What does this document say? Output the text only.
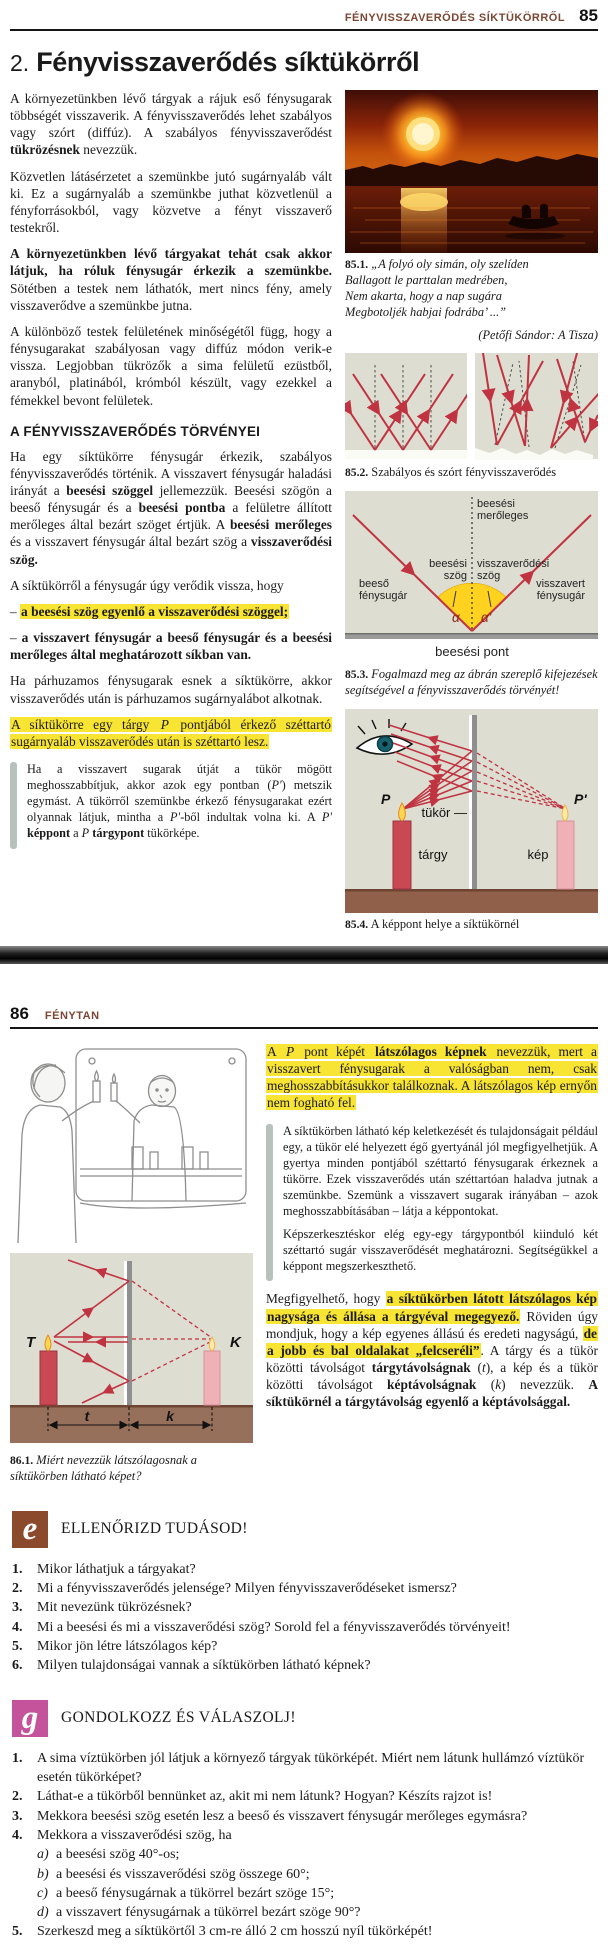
FÉNYVISSZAVERŐDÉS SÍKTÜKÖRRŐL 85
2. Fényvisszaverődés síktükörről

A környezetünkben lévő tárgyak a rájuk eső fénysugarak többségét visszaverik. A fényvisszaverődés lehet szabályos vagy szórt (diffúz). A szabályos fényvisszaverődést tükrözésnek nevezzük.

Közvetlen látásérzetet a szemünkbe jutó sugárnyaláb vált ki. Ez a sugárnyaláb a szemünkbe juthat közvetlenül a fényforrásokból, vagy közvetve a fényt visszaverő testekről.

A környezetünkben lévő tárgyakat tehát csak akkor látjuk, ha róluk fénysugár érkezik a szemünkbe. Sötétben a testek nem láthatók, mert nincs fény, amely visszaverődve a szemünkbe jutna.

A különböző testek felületének minőségétől függ, hogy a fénysugarakat szabályosan vagy diffúz módon verik-e vissza. Legjobban tükrözők a sima felületű ezüstből, aranyból, platinából, krómból készült, vagy ezekkel a fémekkel bevont felületek.

A FÉNYVISSZAVERŐDÉS TÖRVÉNYEI

Ha egy síktükörre fénysugár érkezik, szabályos fényvisszaverődés történik. A visszavert fénysugár haladási irányát a beesési szöggel jellemezzük. Beesési szögön a beeső fénysugár és a beesési pontba a felületre állított merőleges által bezárt szöget értjük. A beesési merőleges és a visszavert fénysugár által bezárt szög a visszaverődési szög.

A síktükörről a fénysugár úgy verődik vissza, hogy

– a beesési szög egyenlő a visszaverődési szöggel;

– a visszavert fénysugár a beeső fénysugár és a beesési merőleges által meghatározott síkban van.

Ha párhuzamos fénysugarak esnek a síktükörre, akkor visszaverődés után is párhuzamos sugárnyalábot alkotnak.

A síktükörre egy tárgy P pontjából érkező széttartó sugárnyaláb visszaverődés után is széttartó lesz.

Ha a visszavert sugarak útját a tükör mögött meghosszabbítjuk, akkor azok egy pontban (P') metszik egymást. A tükörről szemünkbe érkező fénysugarakat ezért olyannak látjuk, mintha a P'-ből indultak volna ki. A P' képpont a P tárgypont tükörképe.

85.1. „A folyó oly simán, oly szelíden
Ballagott le parttalan medrében,
Nem akarta, hogy a nap sugára
Megbotoljék habjai fodrába’ ...”
(Petőfi Sándor: A Tisza)
85.2. Szabályos és szórt fényvisszaverődés
beesési
merőleges
beesési
szög
visszaverődési
szög
beeső
fénysugár
visszavert
fénysugár
α α'
beesési pont
85.3. Fogalmazd meg az ábrán szereplő kifejezések segítségével a fényvisszaverődés törvényét!
P	P'
tükör —
tárgy	kép
85.4. A képpont helye a síktükörnél
86 FÉNYTAN
T	K
t	k
86.1. Miért nevezzük látszólagosnak a síktükörben látható képet?

A P pont képét látszólagos képnek nevezzük, mert a visszavert fénysugarak a valóságban nem, csak meghosszabbításukkor találkoznak. A látszólagos kép ernyőn nem fogható fel.

A síktükörben látható kép keletkezését és tulajdonságait például egy, a tükör elé helyezett égő gyertyánál jól megfigyelhetjük. A gyertya minden pontjából széttartó fénysugarak érkeznek a tükörre. Ezek visszaverődés után széttartóan haladva jutnak a szemünkbe. Szemünk a visszavert sugarak irányában – azok meghosszabbításában – látja a képpontokat.

Képszerkesztéskor elég egy-egy tárgypontból kiinduló két széttartó sugár visszaverődését meghatározni. Segítségükkel a képpont megszerkeszthető.

Megfigyelhető, hogy a síktükörben látott látszólagos kép nagysága és állása a tárgyéval megegyező. Röviden úgy mondjuk, hogy a kép egyenes állású és eredeti nagyságú, de a jobb és bal oldalakat „felcseréli”. A tárgy és a tükör közötti távolságot tárgytávolságnak (t), a kép és a tükör közötti távolságot képtávolságnak (k) nevezzük. A síktükörnél a tárgytávolság egyenlő a képtávolsággal.

e	ELLENŐRIZD TUDÁSOD!
1.	Mikor láthatjuk a tárgyakat?
2.	Mi a fényvisszaverődés jelensége? Milyen fényvisszaverődéseket ismersz?
3.	Mit nevezünk tükrözésnek?
4.	Mi a beesési és mi a visszaverődési szög? Sorold fel a fényvisszaverődés törvényeit!
5.	Mikor jön létre látszólagos kép?
6.	Milyen tulajdonságai vannak a síktükörben látható képnek?
g	GONDOLKOZZ ÉS VÁLASZOLJ!
1.	A sima víztükörben jól látjuk a környező tárgyak tükörképét. Miért nem látunk hullámzó víztükör esetén tükörképet?
2.	Láthat-e a tükörből bennünket az, akit mi nem látunk? Hogyan? Készíts rajzot is!
3.	Mekkora beesési szög esetén lesz a beeső és visszavert fénysugár merőleges egymásra?
4.	Mekkora a visszaverődési szög, ha
a) a beesési szög 40°-os;
b) a beesési és visszaverődési szög összege 60°;
c) a beeső fénysugárnak a tükörrel bezárt szöge 15°;
d) a visszavert fénysugárnak a tükörrel bezárt szöge 90°?
5.	Szerkeszd meg a síktükörtől 3 cm-re álló 2 cm hosszú nyíl tükörképét!
